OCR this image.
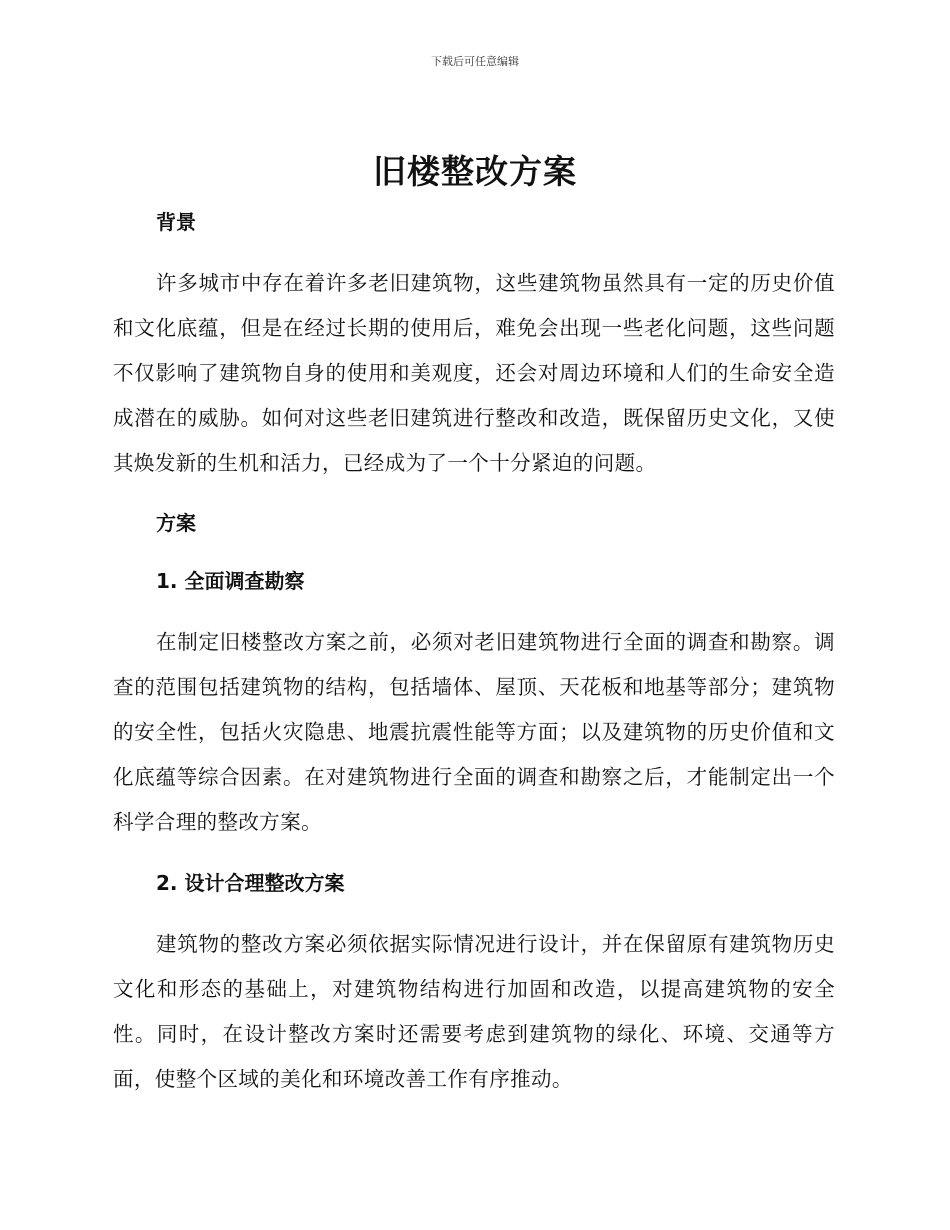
下载后可任意编辑
旧楼整改方案
背景

许多城市中存在着许多老旧建筑物，这些建筑物虽然具有一定的历史价值和文化底蕴，但是在经过长期的使用后，难免会出现一些老化问题，这些问题不仅影响了建筑物自身的使用和美观度，还会对周边环境和人们的生命安全造成潜在的威胁。如何对这些老旧建筑进行整改和改造，既保留历史文化，又使其焕发新的生机和活力，已经成为了一个十分紧迫的问题。

方案
1. 全面调查勘察

在制定旧楼整改方案之前，必须对老旧建筑物进行全面的调查和勘察。调查的范围包括建筑物的结构，包括墙体、屋顶、天花板和地基等部分；建筑物的安全性，包括火灾隐患、地震抗震性能等方面；以及建筑物的历史价值和文化底蕴等综合因素。在对建筑物进行全面的调查和勘察之后，才能制定出一个科学合理的整改方案。

2. 设计合理整改方案

建筑物的整改方案必须依据实际情况进行设计，并在保留原有建筑物历史文化和形态的基础上，对建筑物结构进行加固和改造，以提高建筑物的安全性。同时，在设计整改方案时还需要考虑到建筑物的绿化、环境、交通等方面，使整个区域的美化和环境改善工作有序推动。
